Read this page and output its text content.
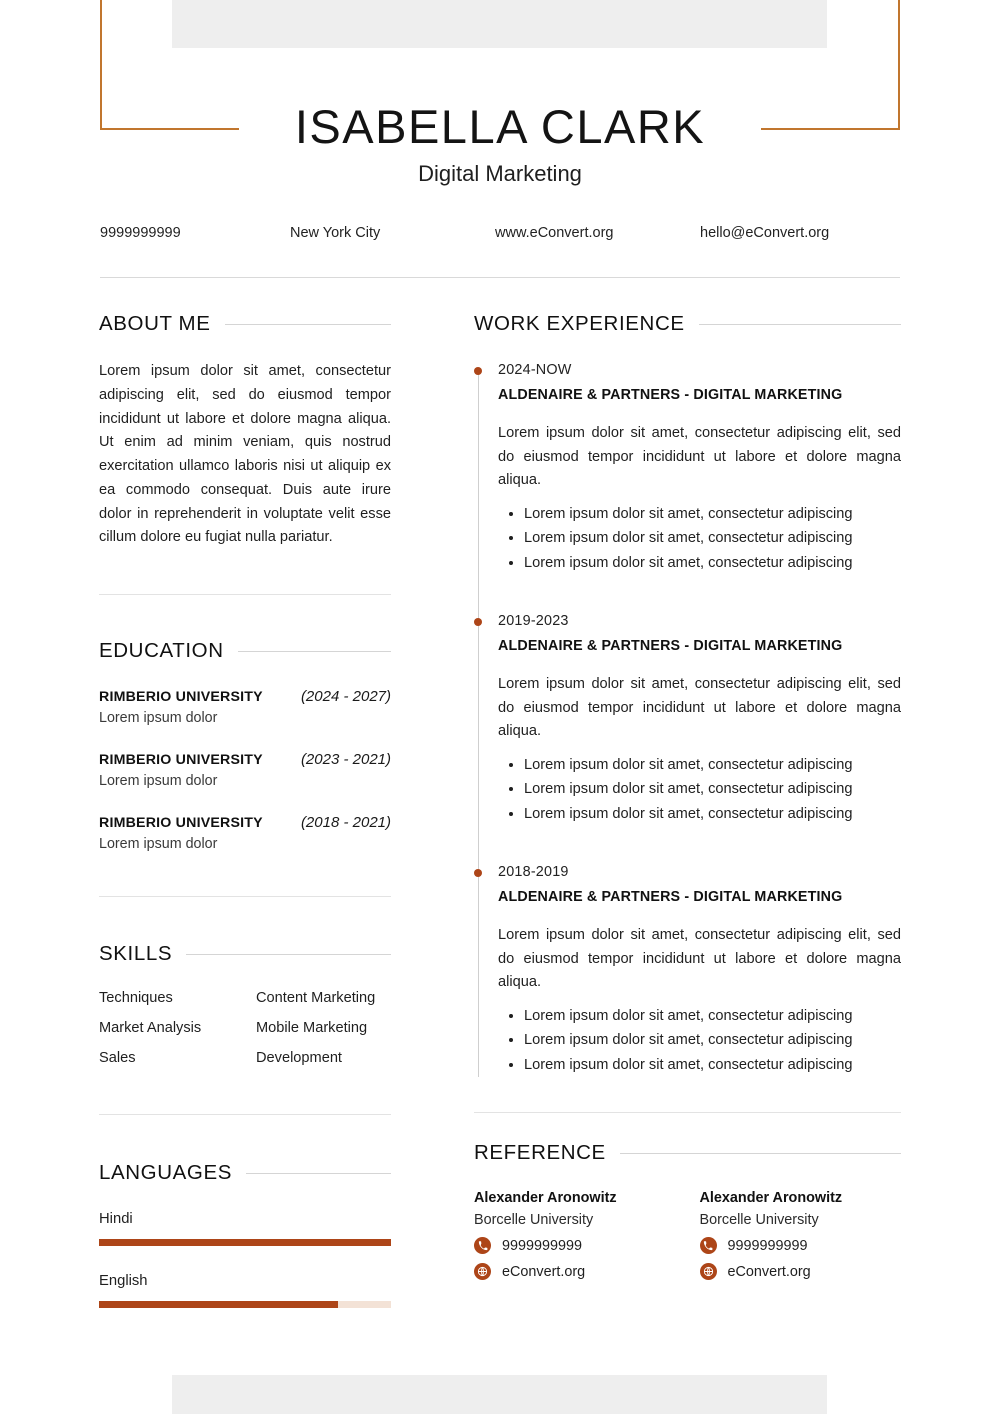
ISABELLA CLARK
Digital Marketing
9999999999	New York City	www.eConvert.org	hello@eConvert.org
ABOUT ME
Lorem ipsum dolor sit amet, consectetur adipiscing elit, sed do eiusmod tempor incididunt ut labore et dolore magna aliqua. Ut enim ad minim veniam, quis nostrud exercitation ullamco laboris nisi ut aliquip ex ea commodo consequat. Duis aute irure dolor in reprehenderit in voluptate velit esse cillum dolore eu fugiat nulla pariatur.
EDUCATION
RIMBERIO UNIVERSITY	(2024 - 2027)
Lorem ipsum dolor
RIMBERIO UNIVERSITY	(2023 - 2021)
Lorem ipsum dolor
RIMBERIO UNIVERSITY	(2018 - 2021)
Lorem ipsum dolor
SKILLS
Techniques	Content Marketing
Market Analysis	Mobile Marketing
Sales	Development
LANGUAGES
Hindi
English
WORK EXPERIENCE
2024-NOW
ALDENAIRE & PARTNERS - DIGITAL MARKETING
Lorem ipsum dolor sit amet, consectetur adipiscing elit, sed do eiusmod tempor incididunt ut labore et dolore magna aliqua.
• Lorem ipsum dolor sit amet, consectetur adipiscing
• Lorem ipsum dolor sit amet, consectetur adipiscing
• Lorem ipsum dolor sit amet, consectetur adipiscing
2019-2023
ALDENAIRE & PARTNERS - DIGITAL MARKETING
Lorem ipsum dolor sit amet, consectetur adipiscing elit, sed do eiusmod tempor incididunt ut labore et dolore magna aliqua.
• Lorem ipsum dolor sit amet, consectetur adipiscing
• Lorem ipsum dolor sit amet, consectetur adipiscing
• Lorem ipsum dolor sit amet, consectetur adipiscing
2018-2019
ALDENAIRE & PARTNERS - DIGITAL MARKETING
Lorem ipsum dolor sit amet, consectetur adipiscing elit, sed do eiusmod tempor incididunt ut labore et dolore magna aliqua.
• Lorem ipsum dolor sit amet, consectetur adipiscing
• Lorem ipsum dolor sit amet, consectetur adipiscing
• Lorem ipsum dolor sit amet, consectetur adipiscing
REFERENCE
Alexander Aronowitz
Borcelle University
9999999999
eConvert.org
Alexander Aronowitz
Borcelle University
9999999999
eConvert.org
